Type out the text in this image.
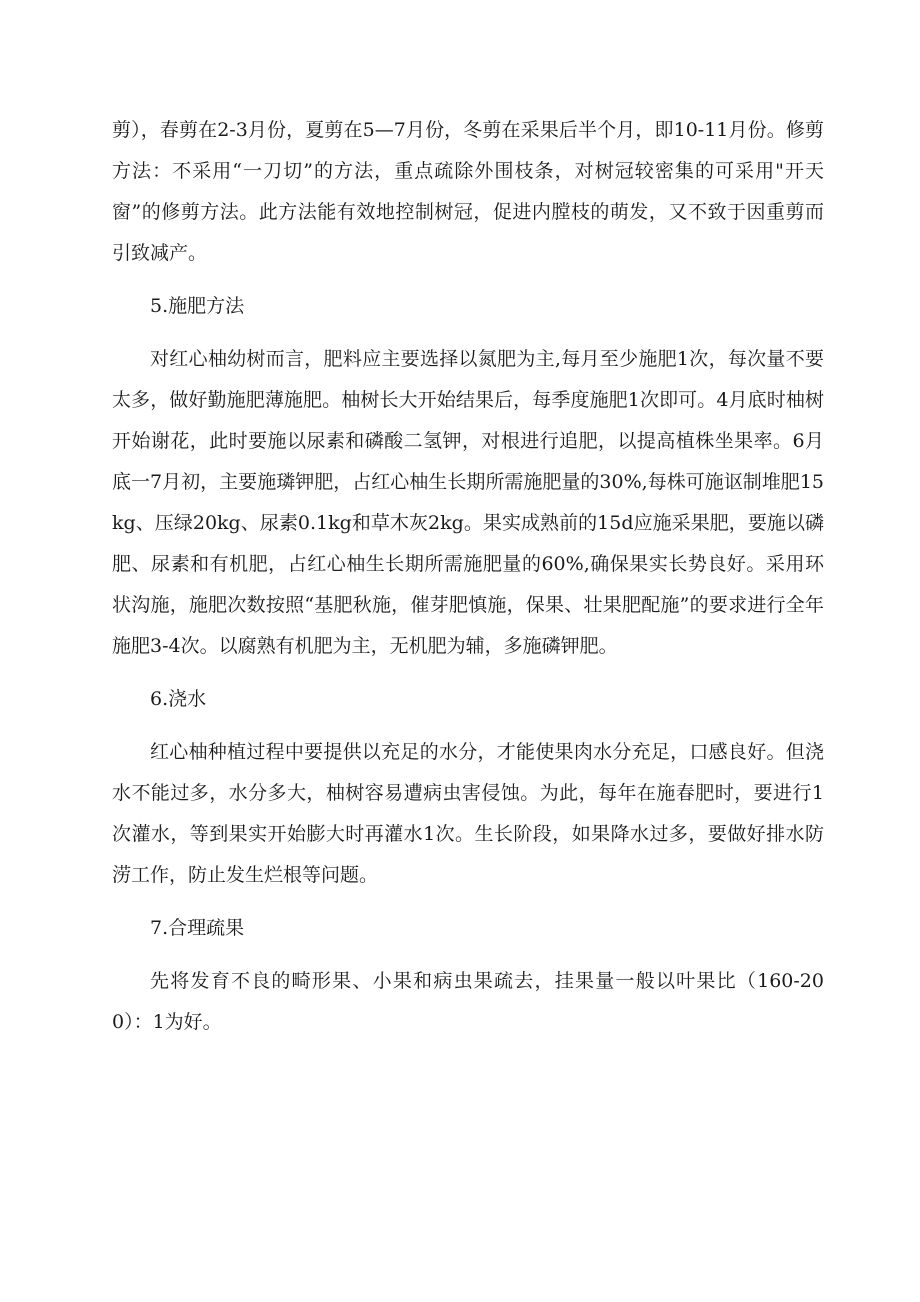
剪），春剪在2-3月份，夏剪在5—7月份，冬剪在采果后半个月，即10-11月份。修剪方法：不采用“一刀切”的方法，重点疏除外围枝条，对树冠较密集的可采用"开天窗”的修剪方法。此方法能有效地控制树冠，促进内膛枝的萌发，又不致于因重剪而引致减产。

5.施肥方法

对红心柚幼树而言，肥料应主要选择以氮肥为主,每月至少施肥1次，每次量不要太多，做好勤施肥薄施肥。柚树长大开始结果后，每季度施肥1次即可。4月底时柚树开始谢花，此时要施以尿素和磷酸二氢钾，对根进行追肥，以提高植株坐果率。6月底一7月初，主要施璘钾肥，占红心柚生长期所需施肥量的30%,每株可施讴制堆肥15kg、压绿20kg、尿素0.1kg和草木灰2kg。果实成熟前的15d应施采果肥，要施以磷肥、尿素和有机肥，占红心柚生长期所需施肥量的60%,确保果实长势良好。采用环状沟施，施肥次数按照“基肥秋施，催芽肥慎施，保果、壮果肥配施”的要求进行全年施肥3-4次。以腐熟有机肥为主，无机肥为辅，多施磷钾肥。

6.浇水

红心柚种植过程中要提供以充足的水分，才能使果肉水分充足，口感良好。但浇水不能过多，水分多大，柚树容易遭病虫害侵蚀。为此，每年在施春肥时，要进行1次灌水，等到果实开始膨大时再灌水1次。生长阶段，如果降水过多，要做好排水防涝工作，防止发生烂根等问题。

7.合理疏果

先将发育不良的畸形果、小果和病虫果疏去，挂果量一般以叶果比（160-200）：1为好。
